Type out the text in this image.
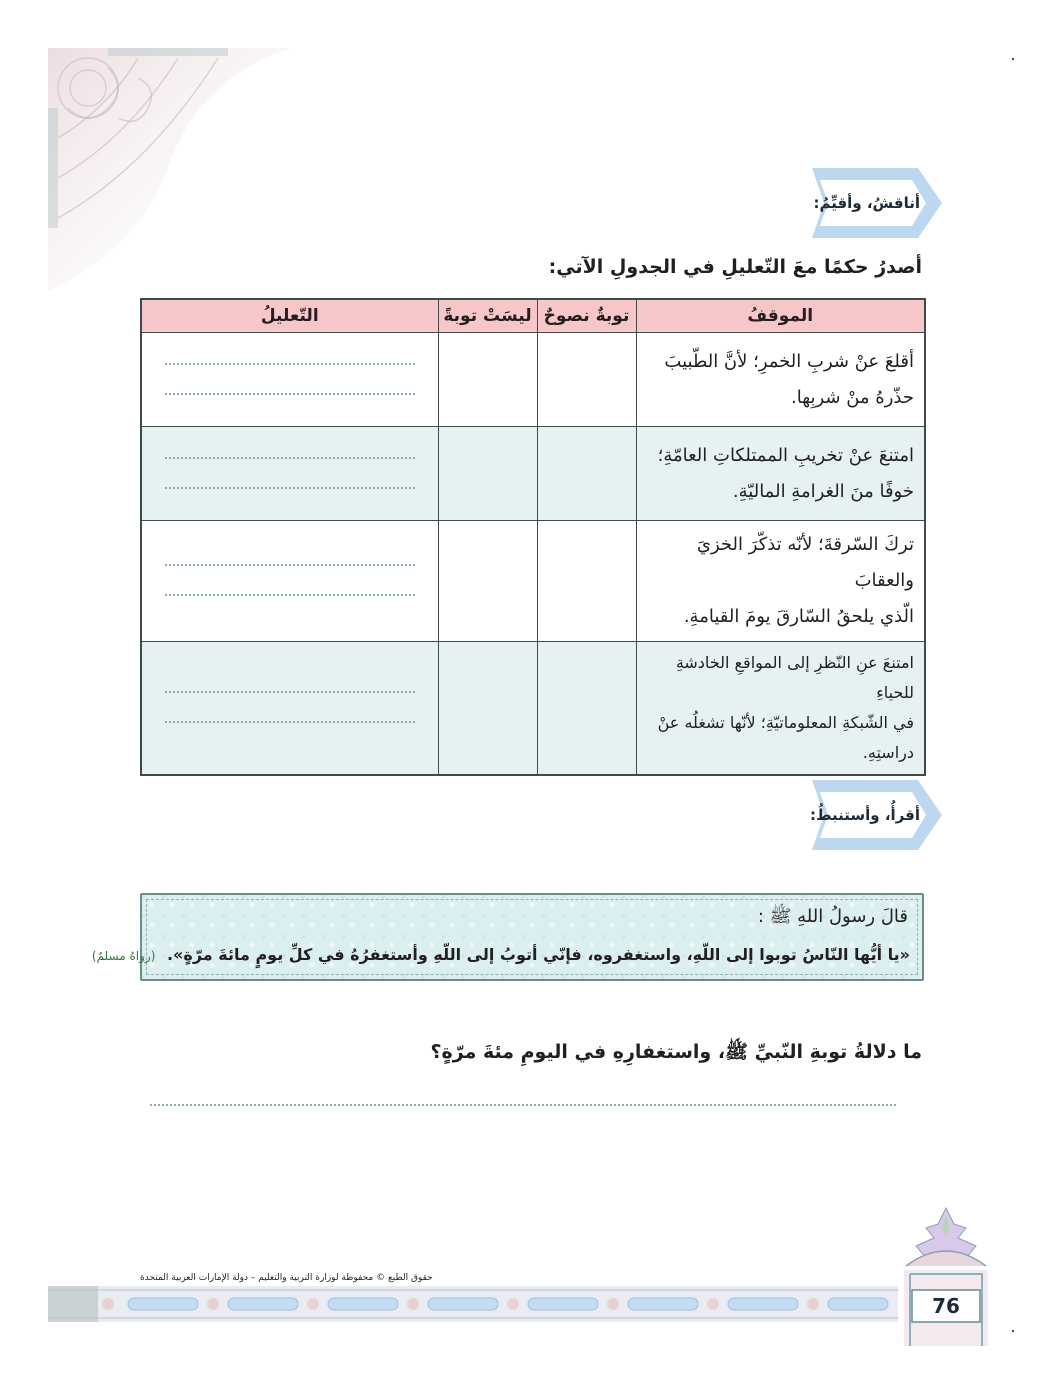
أناقشُ، وأقيِّمُ:
أصدرُ حكمًا معَ التّعليلِ في الجدولِ الآتي:
الموقفُ	توبةٌ نصوحٌ	ليسَتْ توبةً	التّعليلُ

أقلعَ عنْ شربِ الخمرِ؛ لأنَّ الطّبيبَ
حذّرهُ منْ شربِها.			

امتنعَ عنْ تخريبِ الممتلكاتِ العامّةِ؛
خوفًا منَ الغرامةِ الماليّةِ.			

تركَ السّرقةَ؛ لأنّه تذكّرَ الخزيَ والعقابَ
الّذي يلحقُ السّارقَ يومَ القيامةِ.			

امتنعَ عنِ النّظرِ إلى المواقعِ الخادشةِ للحياءِ
في الشّبكةِ المعلوماتيّةِ؛ لأنّها تشغلُه عنْ
دراستِهِ.			

أقرأُ، وأستنبطُ:
قالَ رسولُ اللهِ ﷺ :
«يا أيُّها النّاسُ توبوا إلى اللّهِ، واستغفروه، فإنّي أتوبُ إلى اللّهِ وأستغفرُهُ في كلِّ يومٍ مائةَ مرّةٍ». (رواهُ مسلمٌ)
ما دلالةُ توبةِ النّبيِّ ﷺ، واستغفارِهِ في اليومِ مئةَ مرّةٍ؟
حقوق الطبع © محفوظة لوزارة التربية والتعليم – دولة الإمارات العربية المتحدة
76
